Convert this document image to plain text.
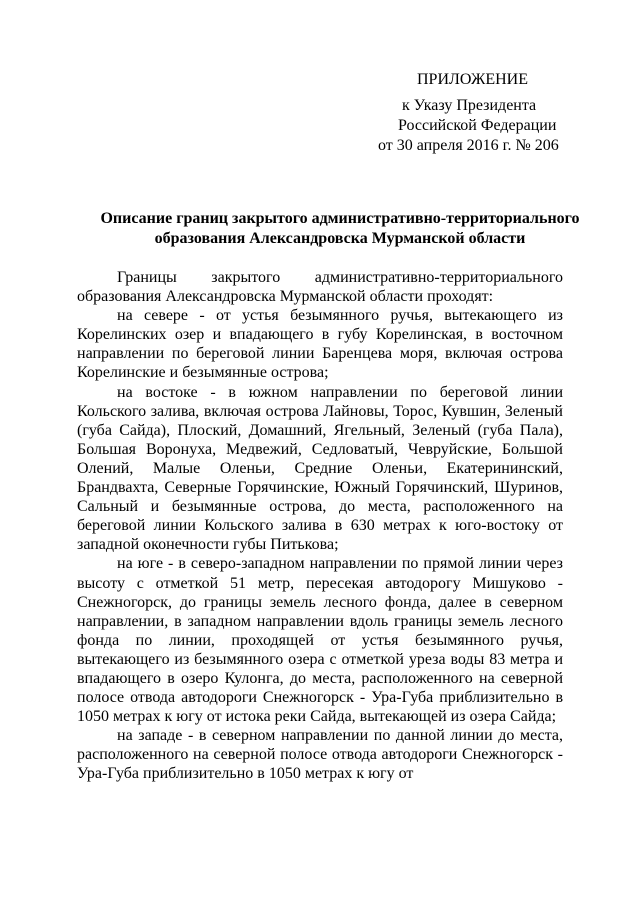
ПРИЛОЖЕНИЕ
к Указу Президента
Российской Федерации
от 30 апреля 2016 г. № 206
Описание границ закрытого административно-территориального
образования Александровска Мурманской области

Границы закрытого административно-территориального образования Александровска Мурманской области проходят:

на севере - от устья безымянного ручья, вытекающего из Корелинских озер и впадающего в губу Корелинская, в восточном направлении по береговой линии Баренцева моря, включая острова Корелинские и безымянные острова;

на востоке - в южном направлении по береговой линии Кольского залива, включая острова Лайновы, Торос, Кувшин, Зеленый (губа Сайда), Плоский, Домашний, Ягельный, Зеленый (губа Пала), Большая Воронуха, Медвежий, Седловатый, Чевруйские, Большой Олений, Малые Оленьи, Средние Оленьи, Екатерининский, Брандвахта, Северные Горячинские, Южный Горячинский, Шуринов, Сальный и безымянные острова, до места, расположенного на береговой линии Кольского залива в 630 метрах к юго-востоку от западной оконечности губы Питькова;

на юге - в северо-западном направлении по прямой линии через высоту с отметкой 51 метр, пересекая автодорогу Мишуково - Снежногорск, до границы земель лесного фонда, далее в северном направлении, в западном направлении вдоль границы земель лесного фонда по линии, проходящей от устья безымянного ручья, вытекающего из безымянного озера с отметкой уреза воды 83 метра и впадающего в озеро Кулонга, до места, расположенного на северной полосе отвода автодороги Снежногорск - Ура-Губа приблизительно в 1050 метрах к югу от истока реки Сайда, вытекающей из озера Сайда;

на западе - в северном направлении по данной линии до места, расположенного на северной полосе отвода автодороги Снежногорск - Ура-Губа приблизительно в 1050 метрах к югу от
